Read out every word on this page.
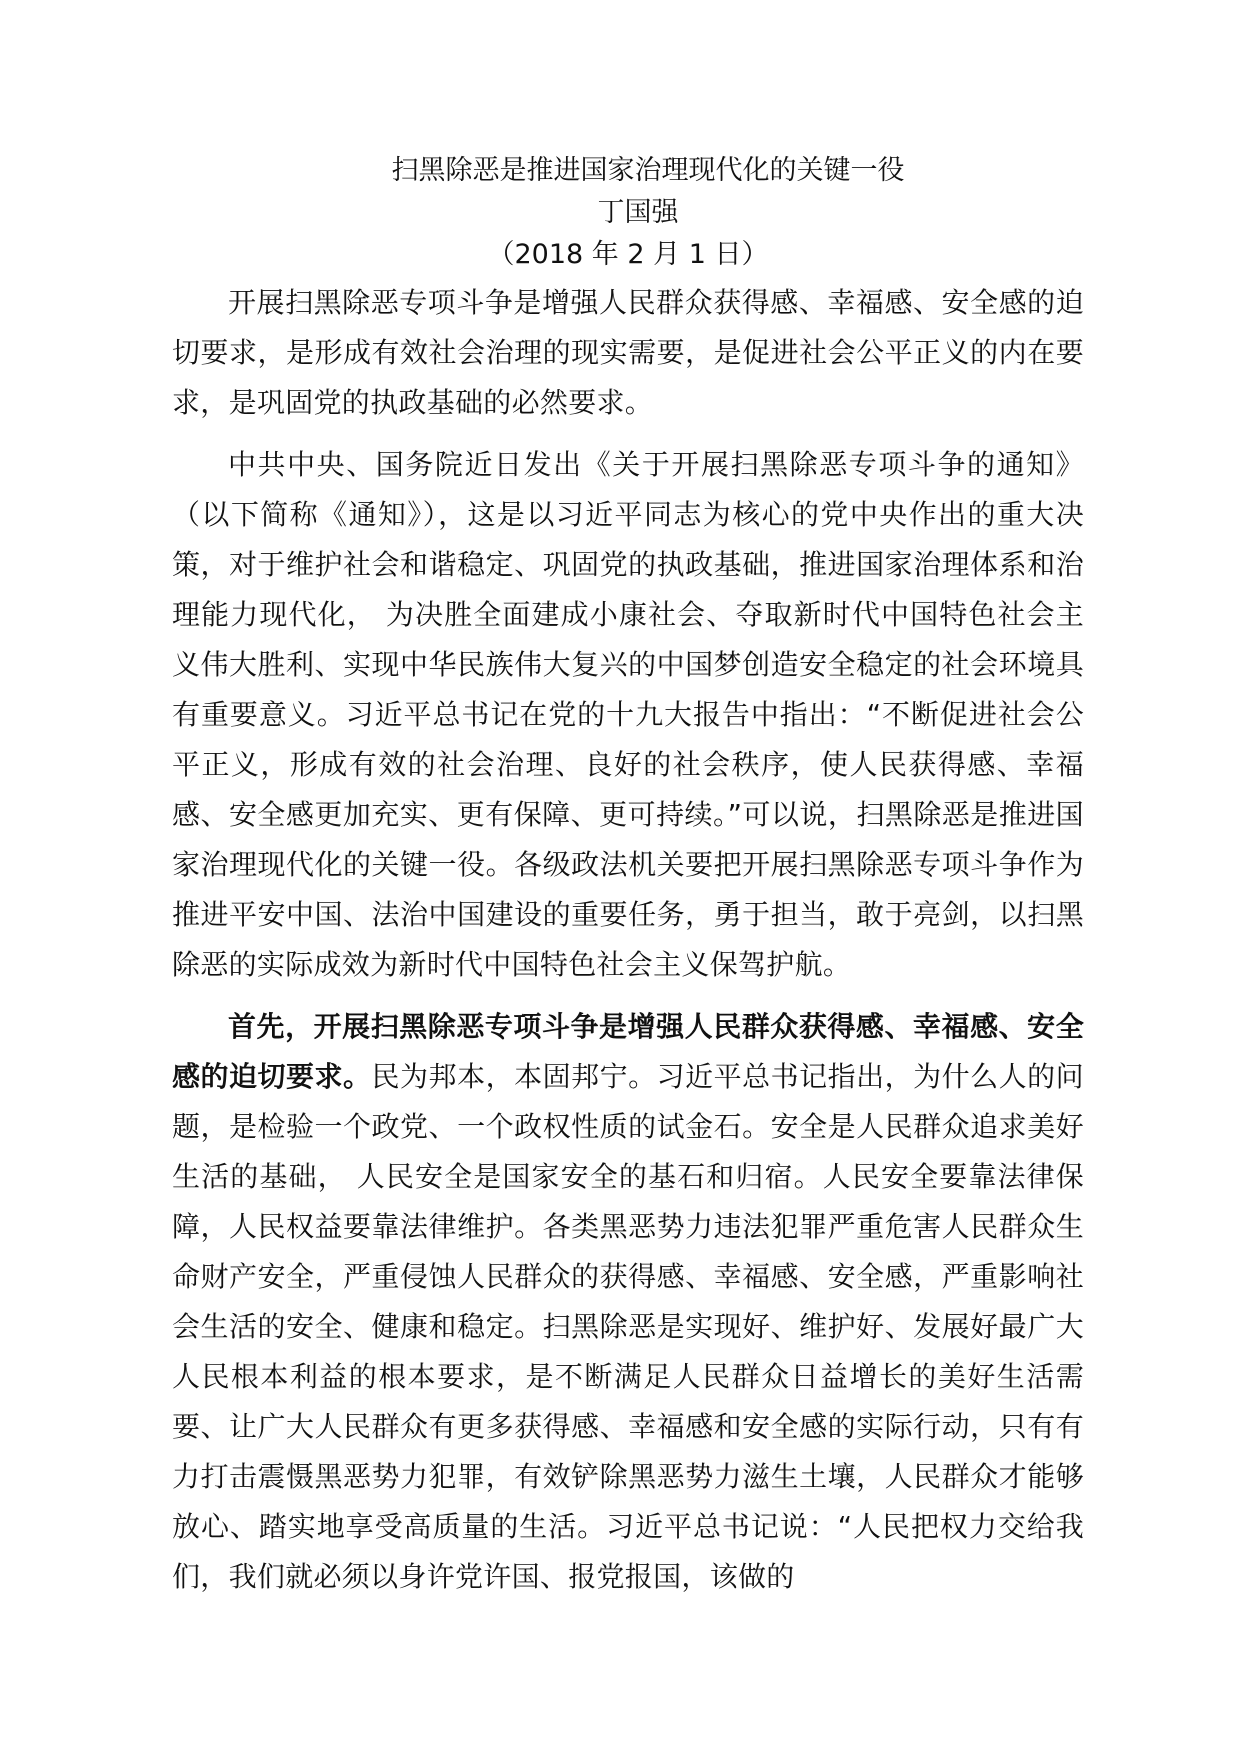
扫黑除恶是推进国家治理现代化的关键一役
丁国强
（2018 年 2 月 1 日）

开展扫黑除恶专项斗争是增强人民群众获得感、幸福感、安全感的迫切要求，是形成有效社会治理的现实需要，是促进社会公平正义的内在要求，是巩固党的执政基础的必然要求。

中共中央、国务院近日发出《关于开展扫黑除恶专项斗争的通知》（以下简称《通知》），这是以习近平同志为核心的党中央作出的重大决策，对于维护社会和谐稳定、巩固党的执政基础，推进国家治理体系和治理能力现代化， 为决胜全面建成小康社会、夺取新时代中国特色社会主义伟大胜利、实现中华民族伟大复兴的中国梦创造安全稳定的社会环境具有重要意义。习近平总书记在党的十九大报告中指出：“不断促进社会公平正义，形成有效的社会治理、良好的社会秩序，使人民获得感、幸福感、安全感更加充实、更有保障、更可持续。”可以说，扫黑除恶是推进国家治理现代化的关键一役。各级政法机关要把开展扫黑除恶专项斗争作为推进平安中国、法治中国建设的重要任务，勇于担当，敢于亮剑，以扫黑除恶的实际成效为新时代中国特色社会主义保驾护航。

首先，开展扫黑除恶专项斗争是增强人民群众获得感、幸福感、安全感的迫切要求。民为邦本，本固邦宁。习近平总书记指出，为什么人的问题，是检验一个政党、一个政权性质的试金石。安全是人民群众追求美好生活的基础， 人民安全是国家安全的基石和归宿。人民安全要靠法律保障，人民权益要靠法律维护。各类黑恶势力违法犯罪严重危害人民群众生命财产安全，严重侵蚀人民群众的获得感、幸福感、安全感，严重影响社会生活的安全、健康和稳定。扫黑除恶是实现好、维护好、发展好最广大人民根本利益的根本要求，是不断满足人民群众日益增长的美好生活需要、让广大人民群众有更多获得感、幸福感和安全感的实际行动，只有有力打击震慑黑恶势力犯罪，有效铲除黑恶势力滋生土壤，人民群众才能够放心、踏实地享受高质量的生活。习近平总书记说：“人民把权力交给我们，我们就必须以身许党许国、报党报国，该做的
